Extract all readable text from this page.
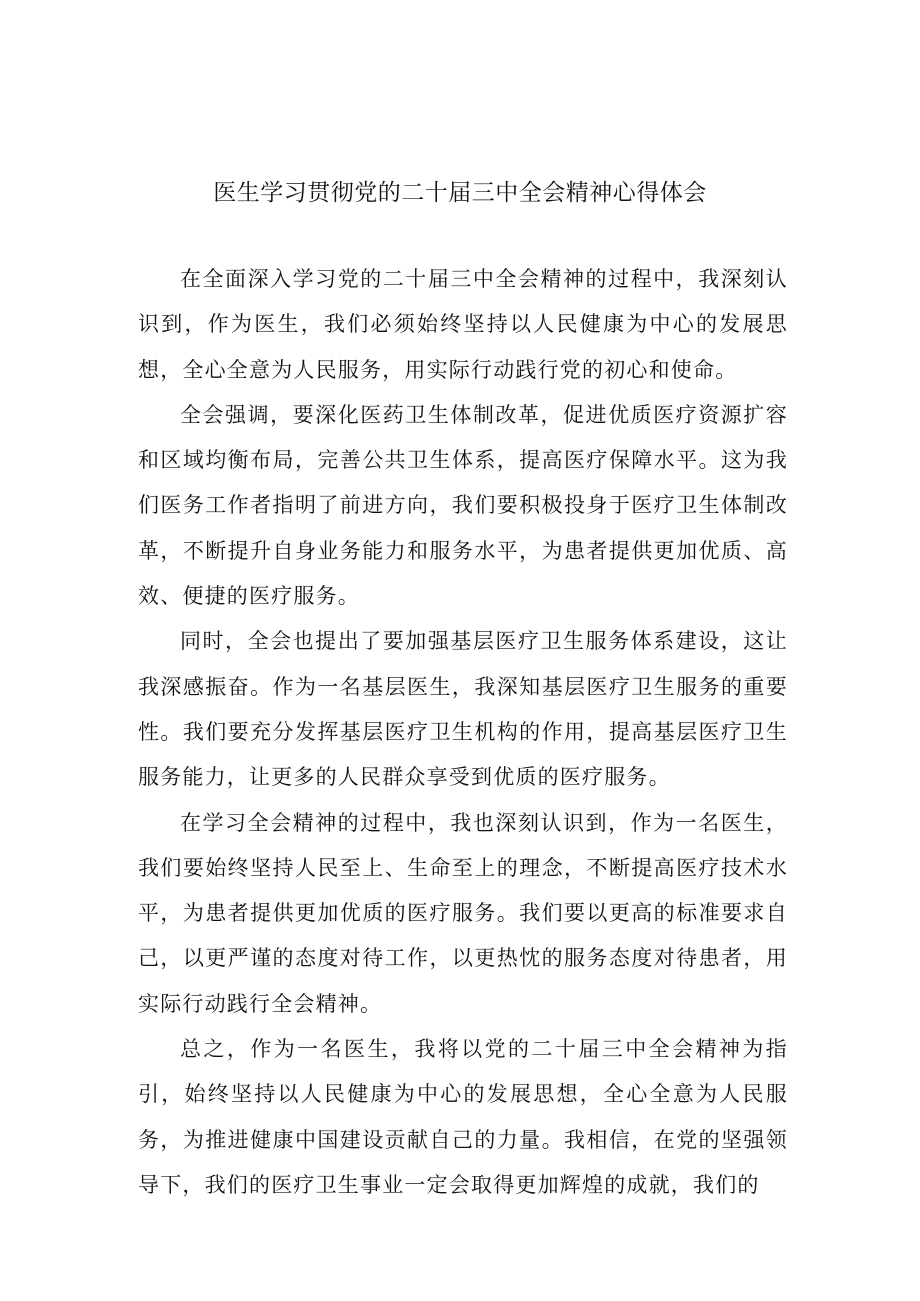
医生学习贯彻党的二十届三中全会精神心得体会

在全面深入学习党的二十届三中全会精神的过程中，我深刻认识到，作为医生，我们必须始终坚持以人民健康为中心的发展思想，全心全意为人民服务，用实际行动践行党的初心和使命。

全会强调，要深化医药卫生体制改革，促进优质医疗资源扩容和区域均衡布局，完善公共卫生体系，提高医疗保障水平。这为我们医务工作者指明了前进方向，我们要积极投身于医疗卫生体制改革，不断提升自身业务能力和服务水平，为患者提供更加优质、高效、便捷的医疗服务。

同时，全会也提出了要加强基层医疗卫生服务体系建设，这让我深感振奋。作为一名基层医生，我深知基层医疗卫生服务的重要性。我们要充分发挥基层医疗卫生机构的作用，提高基层医疗卫生服务能力，让更多的人民群众享受到优质的医疗服务。

在学习全会精神的过程中，我也深刻认识到，作为一名医生，我们要始终坚持人民至上、生命至上的理念，不断提高医疗技术水平，为患者提供更加优质的医疗服务。我们要以更高的标准要求自己，以更严谨的态度对待工作，以更热忱的服务态度对待患者，用实际行动践行全会精神。

总之，作为一名医生，我将以党的二十届三中全会精神为指引，始终坚持以人民健康为中心的发展思想，全心全意为人民服务，为推进健康中国建设贡献自己的力量。我相信，在党的坚强领导下，我们的医疗卫生事业一定会取得更加辉煌的成就，我们的
